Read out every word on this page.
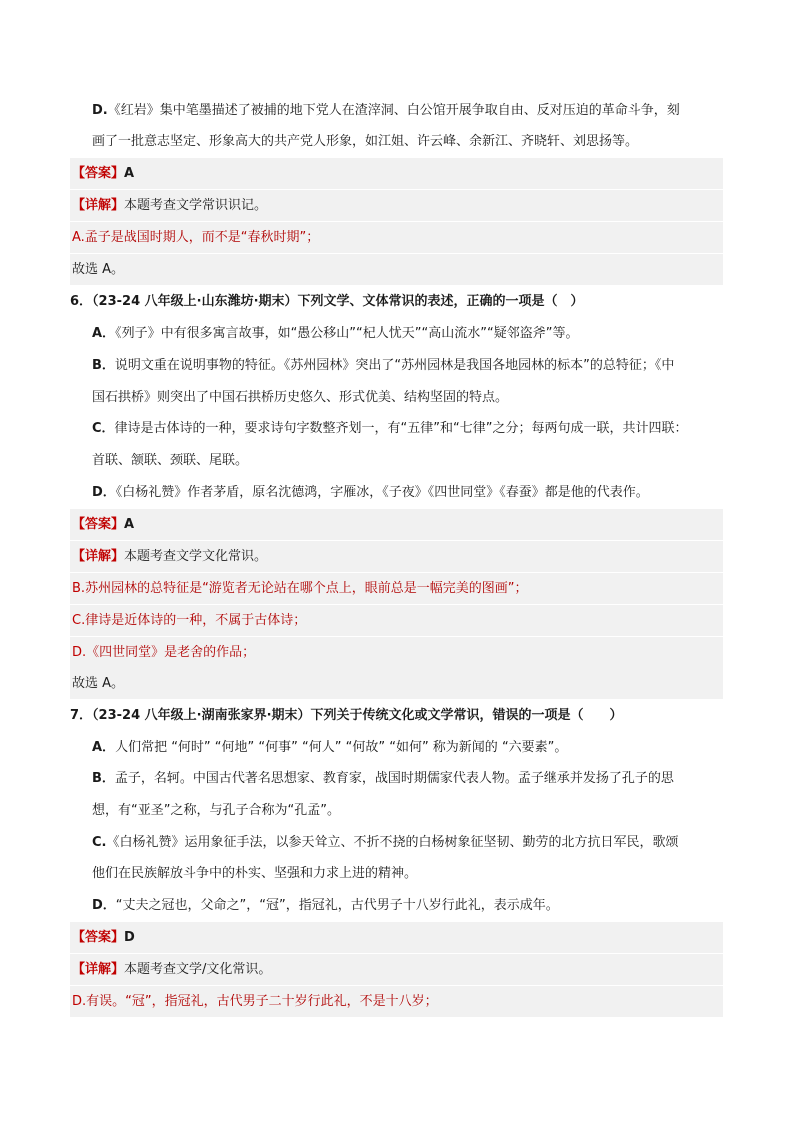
D.《红岩》集中笔墨描述了被捕的地下党人在渣滓洞、白公馆开展争取自由、反对压迫的革命斗争，刻
画了一批意志坚定、形象高大的共产党人形象，如江姐、许云峰、余新江、齐晓轩、刘思扬等。
【答案】A
【详解】本题考查文学常识识记。
A.孟子是战国时期人，而不是“春秋时期”；
故选 A。
6．（23-24 八年级上·山东潍坊·期末）下列文学、文体常识的表述，正确的一项是（　）
A．《列子》中有很多寓言故事，如“愚公移山”“杞人忧天”“高山流水”“疑邻盗斧”等。
B．说明文重在说明事物的特征。《苏州园林》突出了“苏州园林是我国各地园林的标本”的总特征；《中
国石拱桥》则突出了中国石拱桥历史悠久、形式优美、结构坚固的特点。
C．律诗是古体诗的一种，要求诗句字数整齐划一，有“五律”和“七律”之分；每两句成一联，共计四联：
首联、颔联、颈联、尾联。
D．《白杨礼赞》作者茅盾，原名沈德鸿，字雁冰，《子夜》《四世同堂》《春蚕》都是他的代表作。
【答案】A
【详解】本题考查文学文化常识。
B.苏州园林的总特征是“游览者无论站在哪个点上，眼前总是一幅完美的图画”；
C.律诗是近体诗的一种，不属于古体诗；
D.《四世同堂》是老舍的作品；
故选 A。
7．（23-24 八年级上·湖南张家界·期末）下列关于传统文化或文学常识，错误的一项是（　　）
A．人们常把 “何时” “何地” “何事” “何人” “何故” “如何” 称为新闻的 “六要素”。
B．孟子，名轲。中国古代著名思想家、教育家，战国时期儒家代表人物。孟子继承并发扬了孔子的思
想，有“亚圣”之称，与孔子合称为“孔孟”。
C.《白杨礼赞》运用象征手法，以参天耸立、不折不挠的白杨树象征坚韧、勤劳的北方抗日军民，歌颂
他们在民族解放斗争中的朴实、坚强和力求上进的精神。
D．“丈夫之冠也，父命之”，“冠”，指冠礼，古代男子十八岁行此礼，表示成年。
【答案】D
【详解】本题考查文学/文化常识。
D.有误。“冠”，指冠礼，古代男子二十岁行此礼，不是十八岁；
